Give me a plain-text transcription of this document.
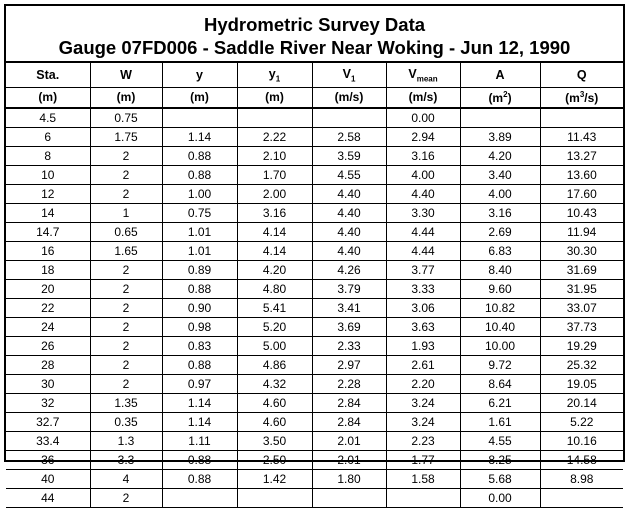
Hydrometric Survey Data
Gauge 07FD006 - Saddle River Near Woking - Jun 12, 1990
Sta.	W	y	$y_1$	$V_1$	$V_{mean}$	A	Q
(m)	(m)	(m)	(m)	(m/s)	(m/s)	$(m^2)$	$(m^3/s)$
4.5	0.75				0.00		
6	1.75	1.14	2.22	2.58	2.94	3.89	11.43
8	2	0.88	2.10	3.59	3.16	4.20	13.27
10	2	0.88	1.70	4.55	4.00	3.40	13.60
12	2	1.00	2.00	4.40	4.40	4.00	17.60
14	1	0.75	3.16	4.40	3.30	3.16	10.43
14.7	0.65	1.01	4.14	4.40	4.44	2.69	11.94
16	1.65	1.01	4.14	4.40	4.44	6.83	30.30
18	2	0.89	4.20	4.26	3.77	8.40	31.69
20	2	0.88	4.80	3.79	3.33	9.60	31.95
22	2	0.90	5.41	3.41	3.06	10.82	33.07
24	2	0.98	5.20	3.69	3.63	10.40	37.73
26	2	0.83	5.00	2.33	1.93	10.00	19.29
28	2	0.88	4.86	2.97	2.61	9.72	25.32
30	2	0.97	4.32	2.28	2.20	8.64	19.05
32	1.35	1.14	4.60	2.84	3.24	6.21	20.14
32.7	0.35	1.14	4.60	2.84	3.24	1.61	5.22
33.4	1.3	1.11	3.50	2.01	2.23	4.55	10.16
36	3.3	0.88	2.50	2.01	1.77	8.25	14.58
40	4	0.88	1.42	1.80	1.58	5.68	8.98
44	2					0.00	
